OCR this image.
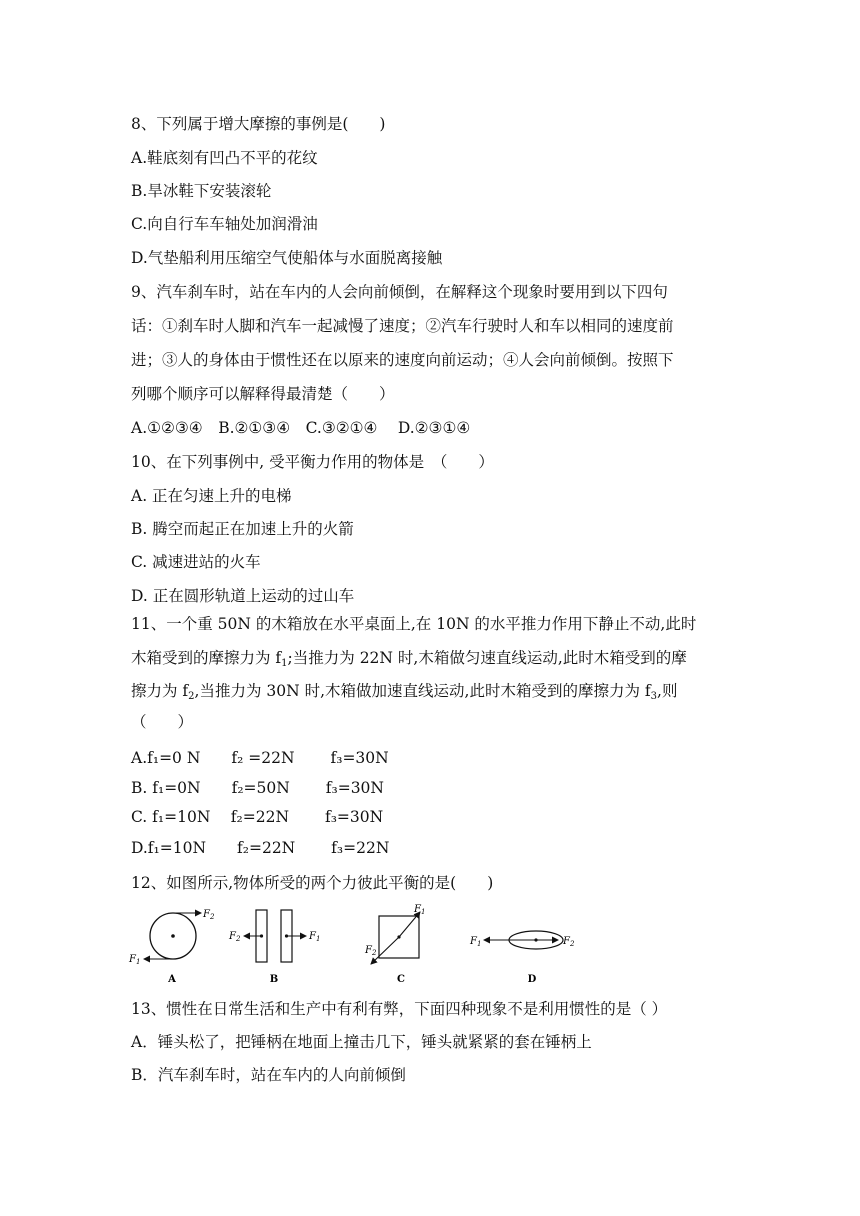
8、下列属于增大摩擦的事例是(　　)
A.鞋底刻有凹凸不平的花纹
B.旱冰鞋下安装滚轮
C.向自行车车轴处加润滑油
D.气垫船利用压缩空气使船体与水面脱离接触
9、汽车刹车时，站在车内的人会向前倾倒，在解释这个现象时要用到以下四句
话：①刹车时人脚和汽车一起减慢了速度；②汽车行驶时人和车以相同的速度前
进；③人的身体由于惯性还在以原来的速度向前运动；④人会向前倾倒。按照下
列哪个顺序可以解释得最清楚（　　）
A.①②③④　B.②①③④　C.③②①④　 D.②③①④
10、在下列事例中, 受平衡力作用的物体是　（　　）
A. 正在匀速上升的电梯
B. 腾空而起正在加速上升的火箭
C. 减速进站的火车
D. 正在圆形轨道上运动的过山车
11、一个重 50N 的木箱放在水平桌面上,在 10N 的水平推力作用下静止不动,此时
木箱受到的摩擦力为 $f_1$;当推力为 22N 时,木箱做匀速直线运动,此时木箱受到的摩
擦力为 $f_2$,当推力为 30N 时,木箱做加速直线运动,此时木箱受到的摩擦力为 $f_3$,则
（　　）
A.f₁=0 N　　f₂ =22N　　 f₃=30N
B. f₁=0N　　f₂=50N　　 f₃=30N
C. f₁=10N　 f₂=22N　　 f₃=30N
D.f₁=10N　　f₂=22N　　 f₃=22N
12、如图所示,物体所受的两个力彼此平衡的是(　　)
$F_2$
$F_1$
A
$F_2$	$F_1$
B
$F_1$
$F_2$
C
$F_1$	$F_2$
D
13、惯性在日常生活和生产中有利有弊，下面四种现象不是利用惯性的是（ ）
A．锤头松了，把锤柄在地面上撞击几下，锤头就紧紧的套在锤柄上
B．汽车刹车时，站在车内的人向前倾倒
